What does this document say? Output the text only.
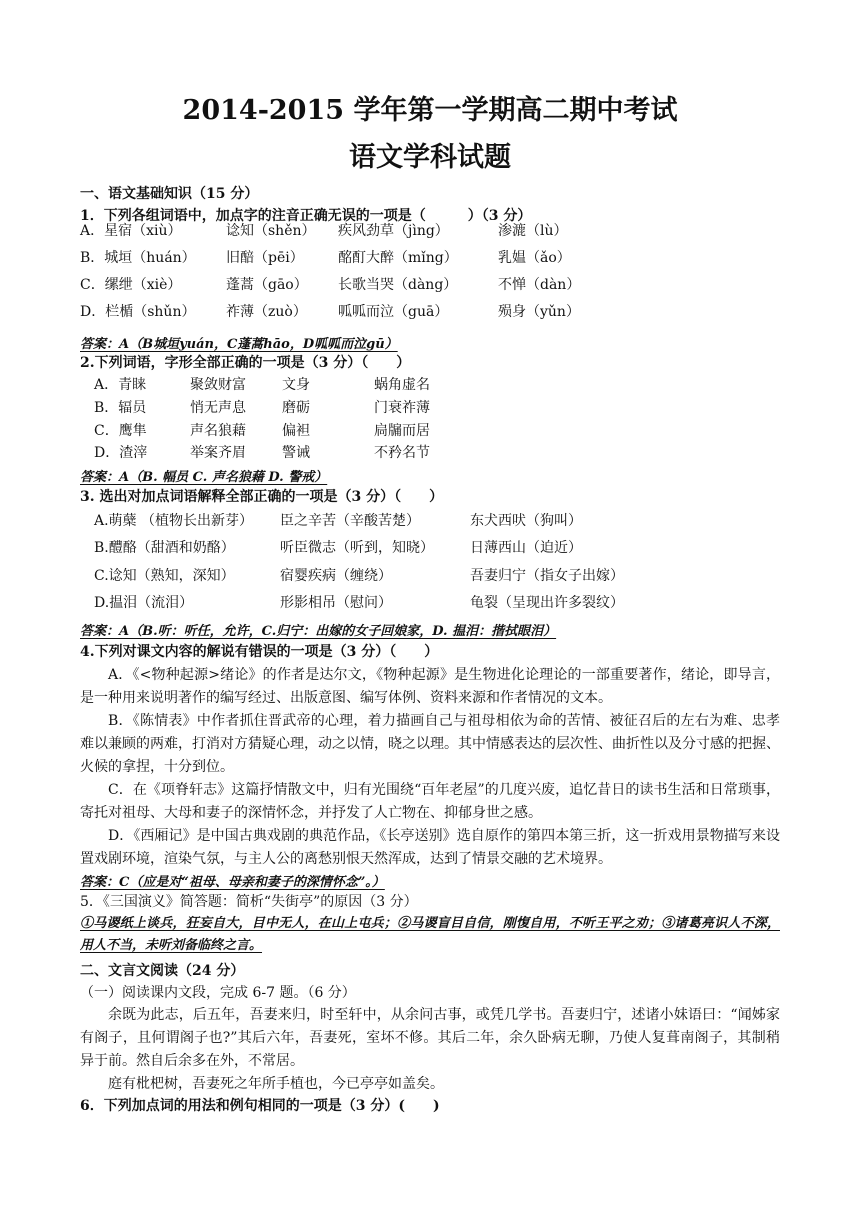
2014-2015 学年第一学期高二期中考试
语文学科试题
一、语文基础知识（15 分）
1．下列各组词语中，加点字的注音正确无误的一项是（　　　）（3 分）
A．星宿（xiù）	谂知（shěn）	疾风劲草（jìng）	渗漉（lù）
B．城垣（huán）	旧醅（pēi）	酩酊大醉（mǐng）	乳媪（ǎo）
C．缧绁（xiè）	蓬蒿（gāo）	长歌当哭（dàng）	不惮（dàn）
D．栏楯（shǔn）	祚薄（zuò）	呱呱而泣（guā）	殒身（yǔn）
答案：A（B城垣yuán，C蓬蒿hāo，D呱呱而泣gū）
2.下列词语，字形全部正确的一项是（3 分）（　　）
A．青睐	聚敛财富	文身	蜗角虚名
B．辐员	悄无声息	磨砺	门衰祚薄
C．鹰隼	声名狼藉	偏袒	扃牖而居
D．渣滓	举案齐眉	警诫	不矜名节
答案：A（B. 幅员 C. 声名狼藉 D. 警戒）
3. 选出对加点词语解释全部正确的一项是（3 分）（　　）
A.萌蘖 （植物长出新芽）	臣之辛苦（辛酸苦楚）	东犬西吠（狗叫）
B.醴酪（甜酒和奶酪）	听臣微志（听到，知晓）	日薄西山（迫近）
C.谂知（熟知，深知）	宿婴疾病（缠绕）	吾妻归宁（指女子出嫁）
D.揾泪（流泪）	形影相吊（慰问）	龟裂（呈现出许多裂纹）
答案：A（B.听：听任，允许，C.归宁：出嫁的女子回娘家，D. 揾泪：揩拭眼泪）
4.下列对课文内容的解说有错误的一项是（3 分）（　　）
A．《<物种起源>绪论》的作者是达尔文，《物种起源》是生物进化论理论的一部重要著作，绪论，即导言，是一种用来说明著作的编写经过、出版意图、编写体例、资料来源和作者情况的文本。
B．《陈情表》中作者抓住晋武帝的心理，着力描画自己与祖母相依为命的苦情、被征召后的左右为难、忠孝难以兼顾的两难，打消对方猜疑心理，动之以情，晓之以理。其中情感表达的层次性、曲折性以及分寸感的把握、火候的拿捏，十分到位。
C．在《项脊轩志》这篇抒情散文中，归有光围绕“百年老屋”的几度兴废，追忆昔日的读书生活和日常琐事，寄托对祖母、大母和妻子的深情怀念，并抒发了人亡物在、抑郁身世之感。
D．《西厢记》是中国古典戏剧的典范作品，《长亭送别》选自原作的第四本第三折，这一折戏用景物描写来设置戏剧环境，渲染气氛，与主人公的离愁别恨天然浑成，达到了情景交融的艺术境界。
答案：C（应是对“祖母、母亲和妻子的深情怀念”。）
5．《三国演义》简答题：简析“失街亭”的原因（3 分）
①马谡纸上谈兵，狂妄自大，目中无人，在山上屯兵；②马谡盲目自信，刚愎自用，不听王平之劝；③诸葛亮识人不深，用人不当，未听刘备临终之言。
二、文言文阅读（24 分）
（一）阅读课内文段，完成 6-7 题。（6 分）
余既为此志，后五年，吾妻来归，时至轩中，从余问古事，或凭几学书。吾妻归宁，述诸小妹语曰：“闻姊家有阁子，且何谓阁子也?”其后六年，吾妻死，室坏不修。其后二年，余久卧病无聊，乃使人复葺南阁子，其制稍异于前。然自后余多在外，不常居。
庭有枇杷树，吾妻死之年所手植也，今已亭亭如盖矣。
6．下列加点词的用法和例句相同的一项是（3 分）(　　)
